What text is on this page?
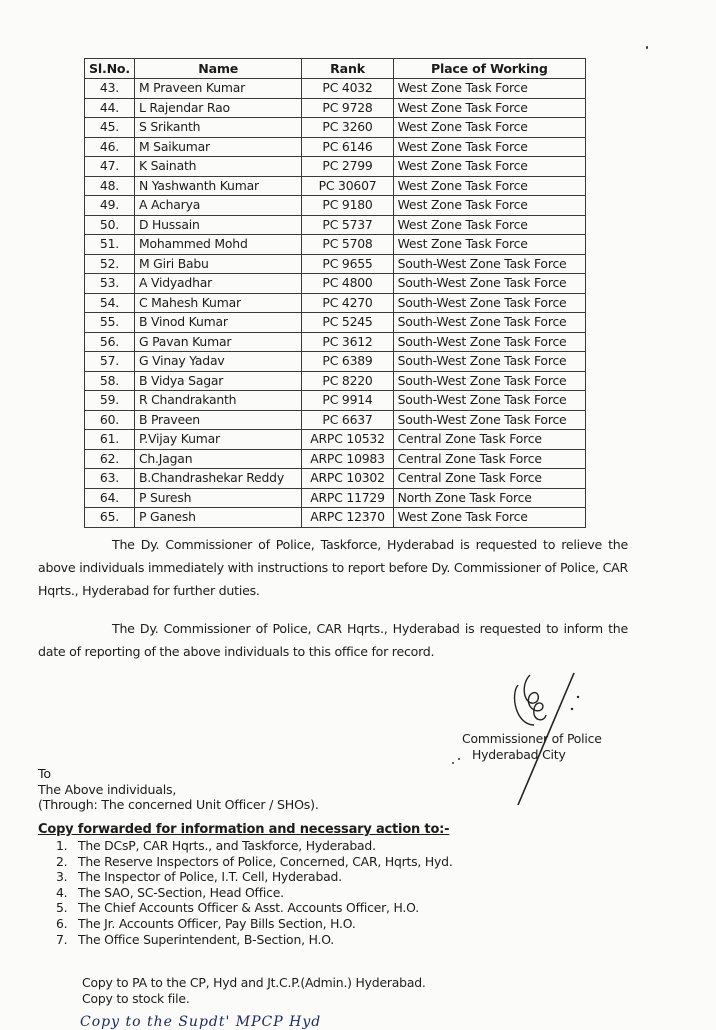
Sl.No.	Name	Rank	Place of Working
43.	M Praveen Kumar	PC 4032	West Zone Task Force
44.	L Rajendar Rao	PC 9728	West Zone Task Force
45.	S Srikanth	PC 3260	West Zone Task Force
46.	M Saikumar	PC 6146	West Zone Task Force
47.	K Sainath	PC 2799	West Zone Task Force
48.	N Yashwanth Kumar	PC 30607	West Zone Task Force
49.	A Acharya	PC 9180	West Zone Task Force
50.	D Hussain	PC 5737	West Zone Task Force
51.	Mohammed Mohd	PC 5708	West Zone Task Force
52.	M Giri Babu	PC 9655	South-West Zone Task Force
53.	A Vidyadhar	PC 4800	South-West Zone Task Force
54.	C Mahesh Kumar	PC 4270	South-West Zone Task Force
55.	B Vinod Kumar	PC 5245	South-West Zone Task Force
56.	G Pavan Kumar	PC 3612	South-West Zone Task Force
57.	G Vinay Yadav	PC 6389	South-West Zone Task Force
58.	B Vidya Sagar	PC 8220	South-West Zone Task Force
59.	R Chandrakanth	PC 9914	South-West Zone Task Force
60.	B Praveen	PC 6637	South-West Zone Task Force
61.	P.Vijay Kumar	ARPC 10532	Central Zone Task Force
62.	Ch.Jagan	ARPC 10983	Central Zone Task Force
63.	B.Chandrashekar Reddy	ARPC 10302	Central Zone Task Force
64.	P Suresh	ARPC 11729	North Zone Task Force
65.	P Ganesh	ARPC 12370	West Zone Task Force

The Dy. Commissioner of Police, Taskforce, Hyderabad is requested to relieve the above individuals immediately with instructions to report before Dy. Commissioner of Police, CAR Hqrts., Hyderabad for further duties.

The Dy. Commissioner of Police, CAR Hqrts., Hyderabad is requested to inform the date of reporting of the above individuals to this office for record.

Commissioner of Police
Hyderabad City
To
The Above individuals,
(Through: The concerned Unit Officer / SHOs).
Copy forwarded for information and necessary action to:-
1. The DCsP, CAR Hqrts., and Taskforce, Hyderabad.
2. The Reserve Inspectors of Police, Concerned, CAR, Hqrts, Hyd.
3. The Inspector of Police, I.T. Cell, Hyderabad.
4. The SAO, SC-Section, Head Office.
5. The Chief Accounts Officer & Asst. Accounts Officer, H.O.
6. The Jr. Accounts Officer, Pay Bills Section, H.O.
7. The Office Superintendent, B-Section, H.O.
Copy to PA to the CP, Hyd and Jt.C.P.(Admin.) Hyderabad.
Copy to stock file.
Copy to the Supdt' MPCP Hyd
